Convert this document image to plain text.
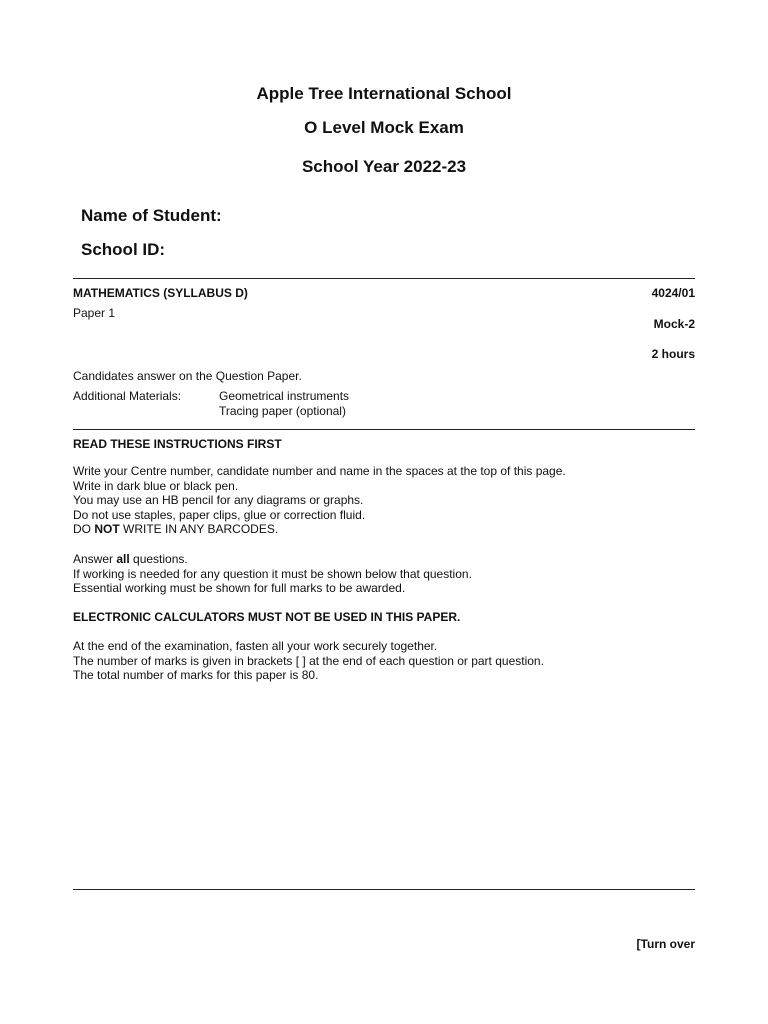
Apple Tree International School
O Level Mock Exam
School Year 2022-23
Name of Student:
School ID:
MATHEMATICS (SYLLABUS D)	4024/01
Paper 1
Mock-2
2 hours
Candidates answer on the Question Paper.
Additional Materials:	Geometrical instruments
Tracing paper (optional)
READ THESE INSTRUCTIONS FIRST
Write your Centre number, candidate number and name in the spaces at the top of this page.
Write in dark blue or black pen.
You may use an HB pencil for any diagrams or graphs.
Do not use staples, paper clips, glue or correction fluid.
DO NOT WRITE IN ANY BARCODES.
Answer all questions.
If working is needed for any question it must be shown below that question.
Essential working must be shown for full marks to be awarded.
ELECTRONIC CALCULATORS MUST NOT BE USED IN THIS PAPER.
At the end of the examination, fasten all your work securely together.
The number of marks is given in brackets [ ] at the end of each question or part question.
The total number of marks for this paper is 80.
[Turn over
